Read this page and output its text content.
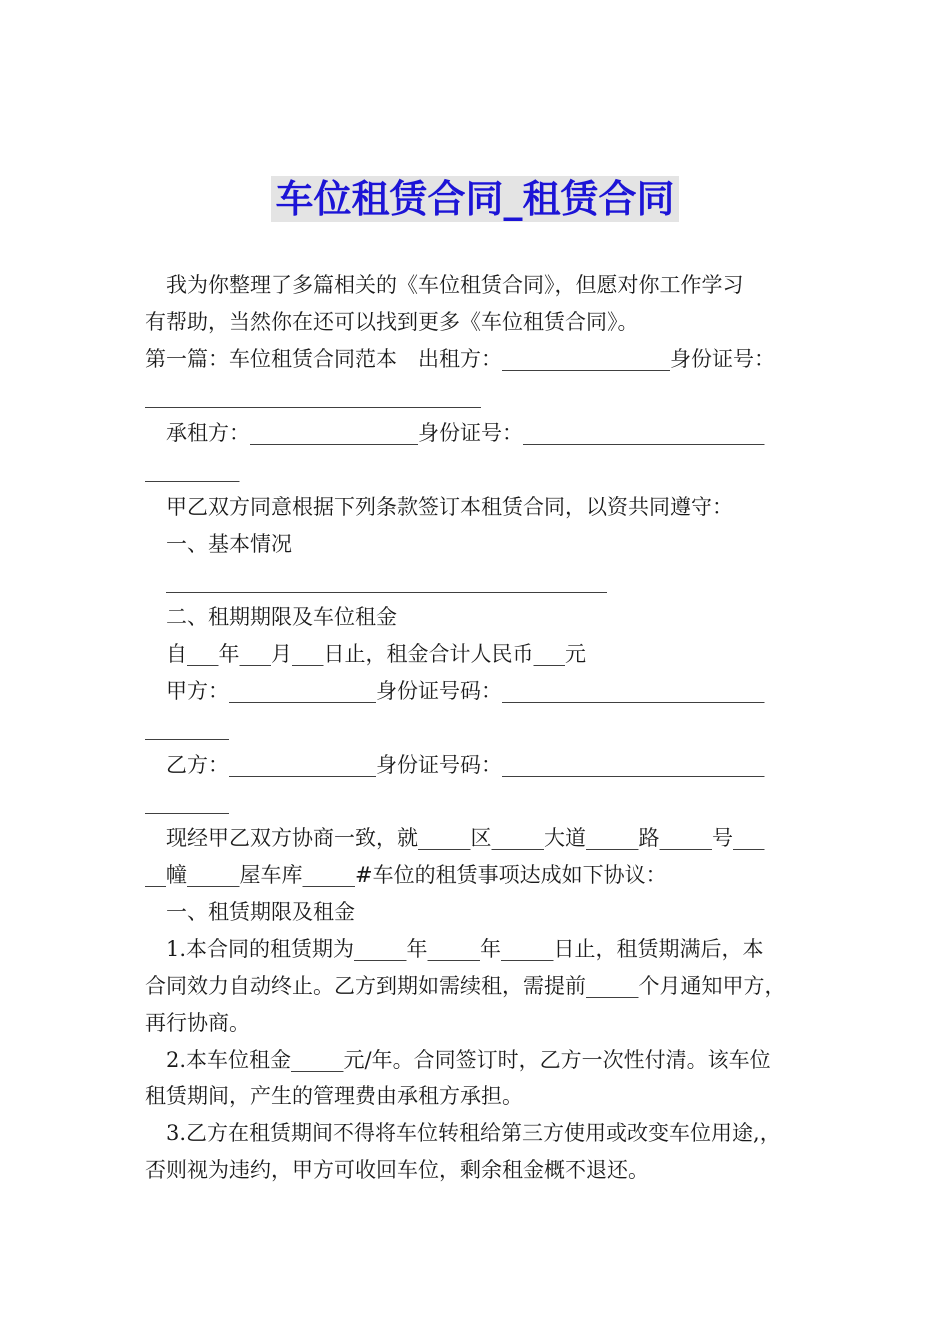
车位租赁合同_租赁合同
我为你整理了多篇相关的《车位租赁合同》，但愿对你工作学习
有帮助，当然你在还可以找到更多《车位租赁合同》。
第一篇：车位租赁合同范本　出租方：________________身份证号：
________________________________
承租方：________________身份证号：_______________________
_________
甲乙双方同意根据下列条款签订本租赁合同，以资共同遵守：
一、基本情况
__________________________________________
二、租期期限及车位租金
自___年___月___日止，租金合计人民币___元
甲方：______________身份证号码：_________________________
________
乙方：______________身份证号码：_________________________
________
现经甲乙双方协商一致，就_____区_____大道_____路_____号___
__幢_____屋车库_____#车位的租赁事项达成如下协议：
一、租赁期限及租金
1.本合同的租赁期为_____年_____年_____日止，租赁期满后，本
合同效力自动终止。乙方到期如需续租，需提前_____个月通知甲方，
再行协商。
2.本车位租金_____元/年。合同签订时，乙方一次性付清。该车位
租赁期间，产生的管理费由承租方承担。
3.乙方在租赁期间不得将车位转租给第三方使用或改变车位用途,，
否则视为违约，甲方可收回车位，剩余租金概不退还。
